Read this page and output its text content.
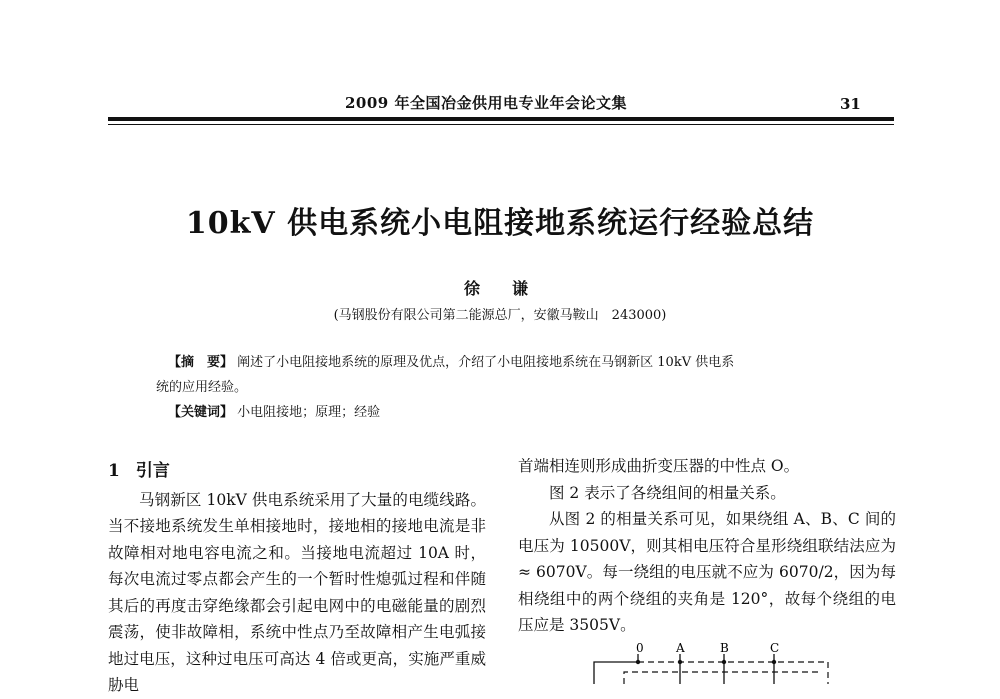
2009 年全国冶金供用电专业年会论文集	31
10kV 供电系统小电阻接地系统运行经验总结
徐　谦
(马钢股份有限公司第二能源总厂，安徽马鞍山　243000)
【摘　要】 阐述了小电阻接地系统的原理及优点，介绍了小电阻接地系统在马钢新区 10kV 供电系
统的应用经验。
【关键词】 小电阻接地；原理；经验
1 引言

马钢新区 10kV 供电系统采用了大量的电缆线路。当不接地系统发生单相接地时，接地相的接地电流是非故障相对地电容电流之和。当接地电流超过 10A 时，每次电流过零点都会产生的一个暂时性熄弧过程和伴随其后的再度击穿绝缘都会引起电网中的电磁能量的剧烈震荡，使非故障相，系统中性点乃至故障相产生电弧接地过电压，这种过电压可高达 4 倍或更高，实施严重威胁电

首端相连则形成曲折变压器的中性点 O。

图 2 表示了各绕组间的相量关系。

从图 2 的相量关系可见，如果绕组 A、B、C 间的电压为 10500V，则其相电压符合星形绕组联结法应为 ≈ 6070V。每一绕组的电压就不应为 6070/2，因为每相绕组中的两个绕组的夹角是 120°，故每个绕组的电压应是 3505V。

0	A	B	C
